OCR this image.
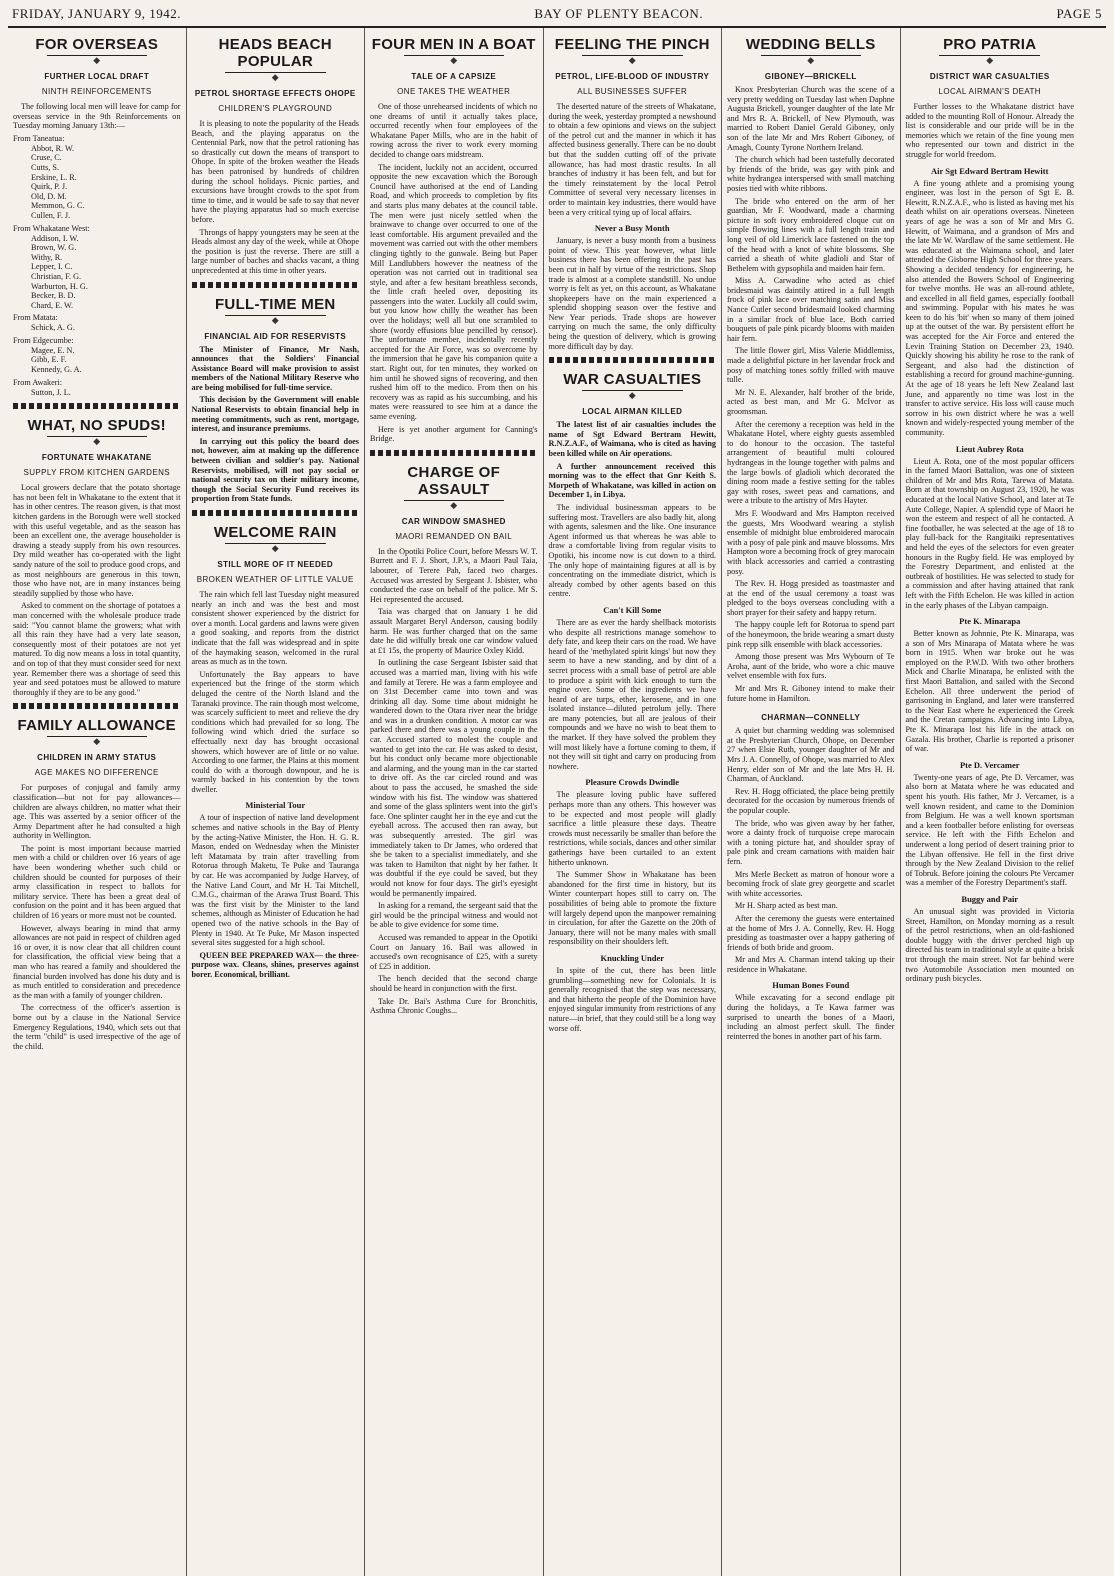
FRIDAY, JANUARY 9, 1942.	BAY OF PLENTY BEACON.	PAGE 5
FOR OVERSEAS
◆
FURTHER LOCAL DRAFT
NINTH REINFORCEMENTS

The following local men will leave for camp for overseas service in the 9th Reinforcements on Tuesday morning January 13th:—

From Taneatua:
Abbot, R. W.
Cruse, C.
Cutts, S.
Erskine, L. R.
Quirk, P. J.
Old, D. M.
Memmon, G. C.
Cullen, F. J.
From Whakatane West:
Addison, I. W.
Brown, W. G.
Withy, R.
Lepper, I. C.
Christian, F. G.
Warburton, H. G.
Becker, B. D.
Chard, E. W.
From Matata:
Schick, A. G.
From Edgecumbe:
Magee, E. N.
Gibb, E. F.
Kennedy, G. A.
From Awakeri:
Sutton, J. L.
WHAT, NO SPUDS!
◆
FORTUNATE WHAKATANE
SUPPLY FROM KITCHEN GARDENS

Local growers declare that the potato shortage has not been felt in Whakatane to the extent that it has in other centres. The reason given, is that most kitchen gardens in the Borough were well stocked with this useful vegetable, and as the season has been an excellent one, the average householder is drawing a steady supply from his own resources. Dry mild weather has co-operated with the light sandy nature of the soil to produce good crops, and as most neighbours are generous in this town, those who have not, are in many instances being steadily supplied by those who have.

Asked to comment on the shortage of potatoes a man concerned with the wholesale produce trade said: "You cannot blame the growers; what with all this rain they have had a very late season, consequently most of their potatoes are not yet matured. To dig now means a loss in total quantity, and on top of that they must consider seed for next year. Remember there was a shortage of seed this year and seed potatoes must be allowed to mature thoroughly if they are to be any good."

FAMILY ALLOWANCE
◆
CHILDREN IN ARMY STATUS
AGE MAKES NO DIFFERENCE

For purposes of conjugal and family army classification—but not for pay allowances—children are always children, no matter what their age. This was asserted by a senior officer of the Army Department after he had consulted a high authority in Wellington.

The point is most important because married men with a child or children over 16 years of age have been wondering whether such child or children should be counted for purposes of their army classification in respect to ballots for military service. There has been a great deal of confusion on the point and it has been argued that children of 16 years or more must not be counted.

However, always bearing in mind that army allowances are not paid in respect of children aged 16 or over, it is now clear that all children count for classification, the official view being that a man who has reared a family and shouldered the financial burden involved has done his duty and is as much entitled to consideration and precedence as the man with a family of younger children.

The correctness of the officer's assertion is borne out by a clause in the National Service Emergency Regulations, 1940, which sets out that the term "child" is used irrespective of the age of the child.

HEADS BEACH POPULAR
◆
PETROL SHORTAGE EFFECTS OHOPE
CHILDREN'S PLAYGROUND

It is pleasing to note the popularity of the Heads Beach, and the playing apparatus on the Centennial Park, now that the petrol rationing has so drastically cut down the means of transport to Ohope. In spite of the broken weather the Heads has been patronised by hundreds of children during the school holidays. Picnic parties, and excursions have brought crowds to the spot from time to time, and it would be safe to say that never have the playing apparatus had so much exercise before.

Throngs of happy youngsters may be seen at the Heads almost any day of the week, while at Ohope the position is just the reverse. There are still a large number of baches and shacks vacant, a thing unprecedented at this time in other years.

FULL-TIME MEN
◆
FINANCIAL AID FOR RESERVISTS

The Minister of Finance, Mr Nash, announces that the Soldiers' Financial Assistance Board will make provision to assist members of the National Military Reserve who are being mobilised for full-time service.

This decision by the Government will enable National Reservists to obtain financial help in meeting commitments, such as rent, mortgage, interest, and insurance premiums.

In carrying out this policy the board does not, however, aim at making up the difference between civilian and soldier's pay. National Reservists, mobilised, will not pay social or national security tax on their military income, though the Social Security Fund receives its proportion from State funds.

WELCOME RAIN
◆
STILL MORE OF IT NEEDED
BROKEN WEATHER OF LITTLE VALUE

The rain which fell last Tuesday night measured nearly an inch and was the best and most consistent shower experienced by the district for over a month. Local gardens and lawns were given a good soaking, and reports from the district indicate that the fall was widespread and in spite of the haymaking season, welcomed in the rural areas as much as in the town.

Unfortunately the Bay appears to have experienced but the fringe of the storm which deluged the centre of the North Island and the Taranaki province. The rain though most welcome, was scarcely sufficient to meet and relieve the dry conditions which had prevailed for so long. The following wind which dried the surface so effectually next day has brought occasional showers, which however are of little or no value. According to one farmer, the Plains at this moment could do with a thorough downpour, and he is warmly backed in his contention by the town dweller.

Ministerial Tour

A tour of inspection of native land development schemes and native schools in the Bay of Plenty by the acting-Native Minister, the Hon. H. G. R. Mason, ended on Wednesday when the Minister left Matamata by train after travelling from Rotorua through Maketu, Te Puke and Tauranga by car. He was accompanied by Judge Harvey, of the Native Land Court, and Mr H. Tai Mitchell, C.M.G., chairman of the Arawa Trust Board. This was the first visit by the Minister to the land schemes, although as Minister of Education he had opened two of the native schools in the Bay of Plenty in 1940. At Te Puke, Mr Mason inspected several sites suggested for a high school.

QUEEN BEE PREPARED WAX— the three-purpose wax. Cleans, shines, preserves against borer. Economical, brilliant.

FOUR MEN IN A BOAT
◆
TALE OF A CAPSIZE
ONE TAKES THE WEATHER

One of those unrehearsed incidents of which no one dreams of until it actually takes place, occurred recently when four employees of the Whakatane Paper Mills, who are in the habit of rowing across the river to work every morning decided to change oars midstream.

The incident, luckily not an accident, occurred opposite the new excavation which the Borough Council have authorised at the end of Landing Road, and which proceeds to completion by fits and starts plus many debates at the council table. The men were just nicely settled when the brainwave to change over occurred to one of the least comfortable. His argument prevailed and the movement was carried out with the other members clinging tightly to the gunwale. Being but Paper Mill Landlubbers however the neatness of the operation was not carried out in traditional sea style, and after a few hesitant breathless seconds, the little craft heeled over, depositing its passengers into the water. Luckily all could swim, but you know how chilly the weather has been over the holidays; well all but one scrambled to shore (wordy effusions blue pencilled by censor). The unfortunate member, incidentally recently accepted for the Air Force, was so overcome by the immersion that he gave his companion quite a start. Right out, for ten minutes, they worked on him until he showed signs of recovering, and then rushed him off to the medico. From then on his recovery was as rapid as his succumbing, and his mates were reassured to see him at a dance the same evening.

Here is yet another argument for Canning's Bridge.

CHARGE OF ASSAULT
◆
CAR WINDOW SMASHED
MAORI REMANDED ON BAIL

In the Opotiki Police Court, before Messrs W. T. Burrett and F. J. Short, J.P.'s, a Maori Paul Taia, labourer, of Terere Pah, faced two charges. Accused was arrested by Sergeant J. Isbister, who conducted the case on behalf of the police. Mr S. Hei represented the accused.

Taia was charged that on January 1 he did assault Margaret Beryl Anderson, causing bodily harm. He was further charged that on the same date he did wilfully break one car window valued at £1 15s, the property of Maurice Oxley Kidd.

In outlining the case Sergeant Isbister said that accused was a married man, living with his wife and family at Terere. He was a farm employee and on 31st December came into town and was drinking all day. Some time about midnight he wandered down to the Otara river near the bridge and was in a drunken condition. A motor car was parked there and there was a young couple in the car. Accused started to molest the couple and wanted to get into the car. He was asked to desist, but his conduct only became more objectionable and alarming, and the young man in the car started to drive off. As the car circled round and was about to pass the accused, he smashed the side window with his fist. The window was shattered and some of the glass splinters went into the girl's face. One splinter caught her in the eye and cut the eyeball across. The accused then ran away, but was subsequently arrested. The girl was immediately taken to Dr James, who ordered that she be taken to a specialist immediately, and she was taken to Hamilton that night by her father. It was doubtful if the eye could be saved, but they would not know for four days. The girl's eyesight would be permanently impaired.

In asking for a remand, the sergeant said that the girl would be the principal witness and would not be able to give evidence for some time.

Accused was remanded to appear in the Opotiki Court on January 16. Bail was allowed in accused's own recognisance of £25, with a surety of £25 in addition.

The bench decided that the second charge should be heard in conjunction with the first.

Take Dr. Bai's Asthma Cure for Bronchitis, Asthma Chronic Coughs...

FEELING THE PINCH
◆
PETROL, LIFE-BLOOD OF INDUSTRY
ALL BUSINESSES SUFFER

The deserted nature of the streets of Whakatane, during the week, yesterday prompted a newshound to obtain a few opinions and views on the subject of the petrol cut and the manner in which it has affected business generally. There can be no doubt but that the sudden cutting off of the private allowance, has had most drastic results. In all branches of industry it has been felt, and but for the timely reinstatement by the local Petrol Committee of several very necessary licenses in order to maintain key industries, there would have been a very critical tying up of local affairs.

Never a Busy Month

January, is never a busy month from a business point of view. This year however, what little business there has been offering in the past has been cut in half by virtue of the restrictions. Shop trade is almost at a complete standstill. No undue worry is felt as yet, on this account, as Whakatane shopkeepers have on the main experienced a splendid shopping season over the festive and New Year periods. Trade shops are however carrying on much the same, the only difficulty being the question of delivery, which is growing more difficult day by day.

WAR CASUALTIES
◆
LOCAL AIRMAN KILLED

The latest list of air casualties includes the name of Sgt Edward Bertram Hewitt, R.N.Z.A.F., of Waimana, who is cited as having been killed while on Air operations.

A further announcement received this morning was to the effect that Gnr Keith S. Morpeth of Whakatane, was killed in action on December 1, in Libya.

The individual businessman appears to be suffering most. Travellers are also badly hit, along with agents, salesmen and the like. One insurance Agent informed us that whereas he was able to draw a comfortable living from regular visits to Opotiki, his income now is cut down to a third. The only hope of maintaining figures at all is by concentrating on the immediate district, which is already combed by other agents based on this centre.

Can't Kill Some

There are as ever the hardy shellback motorists who despite all restrictions manage somehow to defy fate, and keep their cars on the road. We have heard of the 'methylated spirit kings' but now they seem to have a new standing, and by dint of a secret process with a small base of petrol are able to produce a spirit with kick enough to turn the engine over. Some of the ingredients we have heard of are turps, ether, kerosene, and in one isolated instance—diluted petrolum jelly. There are many potencies, but all are jealous of their compounds and we have no wish to beat them to the market. If they have solved the problem they will most likely have a fortune coming to them, if not they will sit tight and carry on producing from nowhere.

Pleasure Crowds Dwindle

The pleasure loving public have suffered perhaps more than any others. This however was to be expected and most people will gladly sacrifice a little pleasure these days. Theatre crowds must necessarily be smaller than before the restrictions, while socials, dances and other similar gatherings have been curtailed to an extent hitherto unknown.

The Summer Show in Whakatane has been abandoned for the first time in history, but its Winter counterpart hopes still to carry on. The possibilities of being able to promote the fixture will largely depend upon the manpower remaining in circulation, for after the Gazette on the 20th of January, there will not be many males with small responsibility on their shoulders left.

Knuckling Under

In spite of the cut, there has been little grumbling—something new for Colonials. It is generally recognised that the step was necessary, and that hitherto the people of the Dominion have enjoyed singular immunity from restrictions of any nature—in brief, that they could still be a long way worse off.

WEDDING BELLS
◆
GIBONEY—BRICKELL

Knox Presbyterian Church was the scene of a very pretty wedding on Tuesday last when Daphne Augusta Brickell, younger daughter of the late Mr and Mrs R. A. Brickell, of New Plymouth, was married to Robert Daniel Gerald Giboney, only son of the late Mr and Mrs Robert Giboney, of Amagh, County Tyrone Northern Ireland.

The church which had been tastefully decorated by friends of the bride, was gay with pink and white hydrangea interspersed with small matching posies tied with white ribbons.

The bride who entered on the arm of her guardian, Mr F. Woodward, made a charming picture in soft ivory embroidered cloque cut on simple flowing lines with a full length train and long veil of old Limerick lace fastened on the top of the head with a knot of white blossoms. She carried a sheath of white gladioli and Star of Bethelem with gypsophila and maiden hair fern.

Miss A. Carwadine who acted as chief bridesmaid was daintily attired in a full length frock of pink lace over matching satin and Miss Nance Cutler second bridesmaid looked charming in a similar frock of blue lace. Both carried bouquets of pale pink picardy blooms with maiden hair fern.

The little flower girl, Miss Valerie Middlemiss, made a delightful picture in her lavendar frock and posy of matching tones softly frilled with mauve tulle.

Mr N. E. Alexander, half brother of the bride, acted as best man, and Mr G. McIvor as groomsman.

After the ceremony a reception was held in the Whakatane Hotel, where eighty guests assembled to do honour to the occasion. The tasteful arrangement of beautiful multi coloured hydrangeas in the lounge together with palms and the large bowls of gladioli which decorated the dining room made a festive setting for the tables gay with roses, sweet peas and carnations, and were a tribute to the artistry of Mrs Hayter.

Mrs F. Woodward and Mrs Hampton received the guests, Mrs Woodward wearing a stylish ensemble of midnight blue embroidered marocain with a posy of pale pink and mauve blossoms. Mrs Hampton wore a becoming frock of grey marocain with black accessories and carried a contrasting posy.

The Rev. H. Hogg presided as toastmaster and at the end of the usual ceremony a toast was pledged to the boys overseas concluding with a short prayer for their safety and happy return.

The happy couple left for Rotorua to spend part of the honeymoon, the bride wearing a smart dusty pink repp silk ensemble with black accessories.

Among those present was Mrs Wybourn of Te Aroha, aunt of the bride, who wore a chic mauve velvet ensemble with fox furs.

Mr and Mrs R. Giboney intend to make their future home in Hamilton.

CHARMAN—CONNELLY

A quiet but charming wedding was solemnised at the Presbyterian Church, Ohope, on December 27 when Elsie Ruth, younger daughter of Mr and Mrs J. A. Connelly, of Ohope, was married to Alex Henry, elder son of Mr and the late Mrs H. H. Charman, of Auckland.

Rev. H. Hogg officiated, the place being prettily decorated for the occasion by numerous friends of the popular couple.

The bride, who was given away by her father, wore a dainty frock of turquoise crepe marocain with a toning picture hat, and shoulder spray of pale pink and cream carnations with maiden hair fern.

Mrs Merle Beckett as matron of honour wore a becoming frock of slate grey georgette and scarlet with white accessories.

Mr H. Sharp acted as best man.

After the ceremony the guests were entertained at the home of Mrs J. A. Connelly, Rev. H. Hogg presiding as toastmaster over a happy gathering of friends of both bride and groom.

Mr and Mrs A. Charman intend taking up their residence in Whakatane.

Human Bones Found

While excavating for a second endlage pit during the holidays, a Te Kawa farmer was surprised to unearth the bones of a Maori, including an almost perfect skull. The finder reinterred the bones in another part of his farm.

PRO PATRIA
◆
DISTRICT WAR CASUALTIES
LOCAL AIRMAN'S DEATH

Further losses to the Whakatane district have added to the mounting Roll of Honour. Already the list is considerable and our pride will be in the memories which we retain of the fine young men who represented our town and district in the struggle for world freedom.

Air Sgt Edward Bertram Hewitt

A fine young athlete and a promising young engineer, was lost in the person of Sgt E. B. Hewitt, R.N.Z.A.F., who is listed as having met his death whilst on air operations overseas. Nineteen years of age he was a son of Mr and Mrs G. Hewitt, of Waimana, and a grandson of Mrs and the late Mr W. Wardlaw of the same settlement. He was educated at the Waimana school, and later attended the Gisborne High School for three years. Showing a decided tendency for engineering, he also attended the Bowers School of Engineering for twelve months. He was an all-round athlete, and excelled in all field games, especially football and swimming. Popular with his mates he was keen to do his 'bit' when so many of them joined up at the outset of the war. By persistent effort he was accepted for the Air Force and entered the Levin Training Station on December 23, 1940. Quickly showing his ability he rose to the rank of Sergeant, and also had the distinction of establishing a record for ground machine-gunning. At the age of 18 years he left New Zealand last June, and apparently no time was lost in the transfer to active service. His loss will cause much sorrow in his own district where he was a well known and widely-respected young member of the community.

Lieut Aubrey Rota

Lieut A. Rota, one of the most popular officers in the famed Maori Battalion, was one of sixteen children of Mr and Mrs Rota, Tarewa of Matata. Born at that township on August 23, 1920, he was educated at the local Native School, and later at Te Aute College, Napier. A splendid type of Maori he won the esteem and respect of all he contacted. A fine footballer, he was selected at the age of 18 to play full-back for the Rangitaiki representatives and held the eyes of the selectors for even greater honours in the Rugby field. He was employed by the Forestry Department, and enlisted at the outbreak of hostilities. He was selected to study for a commission and after having attained that rank left with the Fifth Echelon. He was killed in action in the early phases of the Libyan campaign.

Pte K. Minarapa

Better known as Johnnie, Pte K. Minarapa, was a son of Mrs Minarapa of Matata where he was born in 1915. When war broke out he was employed on the P.W.D. With two other brothers Mick and Charlie Minarapa, he enlisted with the first Maori Battalion, and sailed with the Second Echelon. All three underwent the period of garrisoning in England, and later were transferred to the Near East where he experienced the Greek and the Cretan campaigns. Advancing into Libya, Pte K. Minarapa lost his life in the attack on Gazala. His brother, Charlie is reported a prisoner of war.

Pte D. Vercamer

Twenty-one years of age, Pte D. Vercamer, was also born at Matata where he was educated and spent his youth. His father, Mr J. Vercamer, is a well known resident, and came to the Dominion from Belgium. He was a well known sportsman and a keen footballer before enlisting for overseas service. He left with the Fifth Echelon and underwent a long period of desert training prior to the Libyan offensive. He fell in the first drive through by the New Zealand Division to the relief of Tobruk. Before joining the colours Pte Vercamer was a member of the Forestry Department's staff.

Buggy and Pair

An unusual sight was provided in Victoria Street, Hamilton, on Monday morning as a result of the petrol restrictions, when an old-fashioned double buggy with the driver perched high up directed his team in traditional style at quite a brisk trot through the main street. Not far behind were two Automobile Association men mounted on ordinary push bicycles.
